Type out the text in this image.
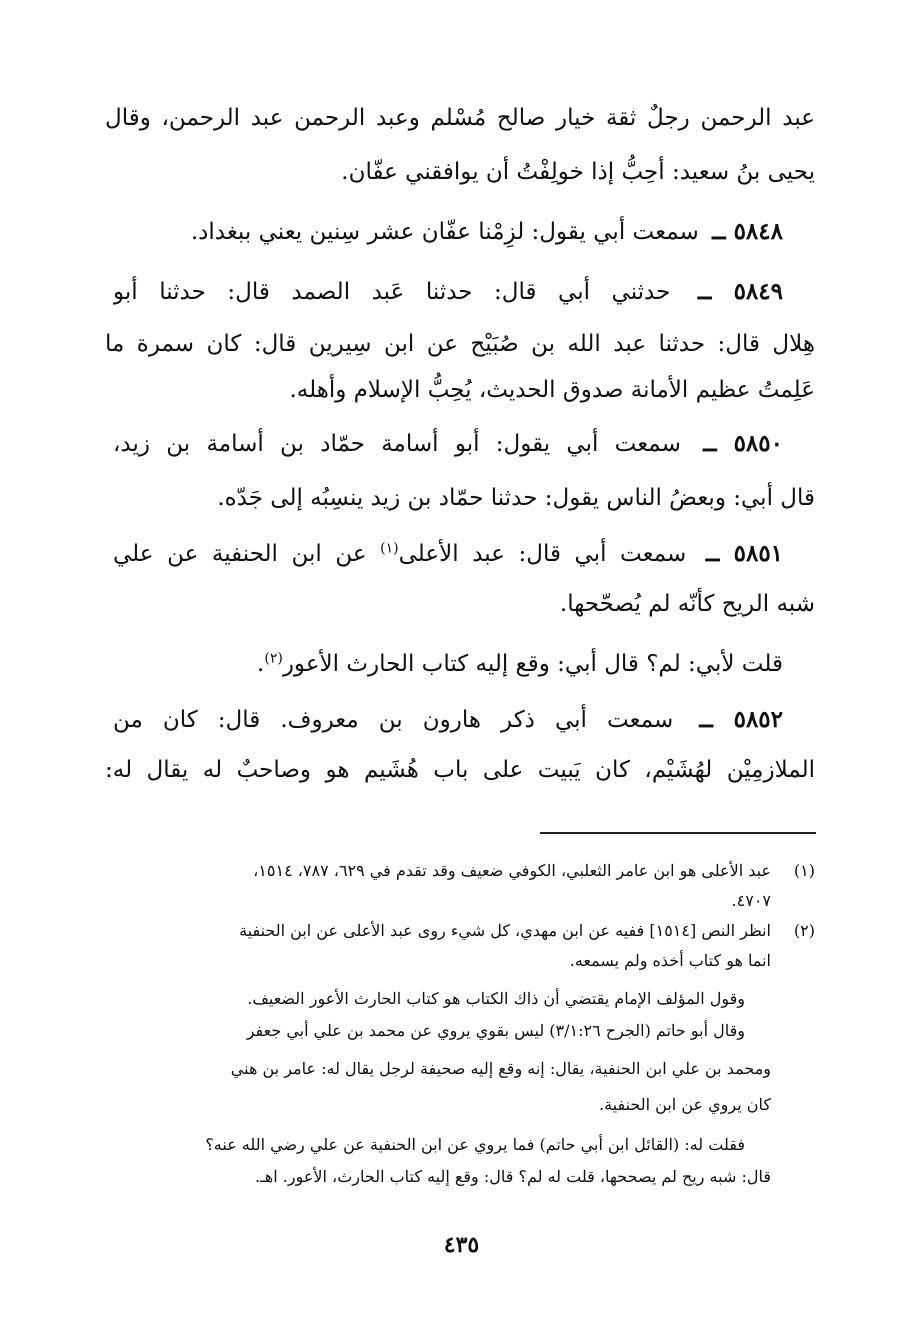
عبد الرحمن رجلٌ ثقة خيار صالح مُسْلم وعبد الرحمن عبد الرحمن، وقال
يحيى بنُ سعيد: أحِبُّ إذا خولِفْتُ أن يوافقني عفّان.
٥٨٤٨ ــ سمعت أبي يقول: لزِمْنا عفّان عشر سِنين يعني ببغداد.
٥٨٤٩ ــ حدثني أبي قال: حدثنا عَبد الصمد قال: حدثنا أبو
هِلال قال: حدثنا عبد الله بن صُبَيْح عن ابن سِيرين قال: كان سمرة ما
عَلِمتُ عظيم الأمانة صدوق الحديث، يُحِبُّ الإسلام وأهله.
٥٨٥٠ ــ سمعت أبي يقول: أبو أسامة حمّاد بن أسامة بن زيد،
قال أبي: وبعضُ الناس يقول: حدثنا حمّاد بن زيد ينسِبُه إلى جَدّه.
٥٨٥١ ــ سمعت أبي قال: عبد الأعلى$^{(١)}$ عن ابن الحنفية عن علي
شبه الريح كأنّه لم يُصحّحها.
قلت لأبي: لم؟ قال أبي: وقع إليه كتاب الحارث الأعور$^{(٢)}$.
٥٨٥٢ ــ سمعت أبي ذكر هارون بن معروف. قال: كان من
الملازمِيْن لهُشَيْم، كان يَبيت على باب هُشَيم هو وصاحبٌ له يقال له:
(١)عبد الأعلى هو ابن عامر الثعلبي، الكوفي ضعيف وقد تقدم في ٦٢٩، ٧٨٧، ١٥١٤،
٤٧٠٧.
(٢)انظر النص [١٥١٤] ففيه عن ابن مهدي، كل شيء روى عبد الأعلى عن ابن الحنفية
انما هو كتاب أخذه ولم يسمعه.
وقول المؤلف الإمام يقتضي أن ذاك الكتاب هو كتاب الحارث الأعور الضعيف.
وقال أبو حاتم (الجرح ٣/١:٢٦) ليس بقوي يروي عن محمد بن علي أبي جعفر
ومحمد بن علي ابن الحنفية، يقال: إنه وقع إليه صحيفة لرجل يقال له: عامر بن هني
كان يروي عن ابن الحنفية.
فقلت له: (القائل ابن أبي حاتم) فما يروي عن ابن الحنفية عن علي رضي الله عنه؟
قال: شبه ريح لم يصححها، قلت له لم؟ قال: وقع إليه كتاب الحارث، الأعور. اهـ.
٤٣٥
